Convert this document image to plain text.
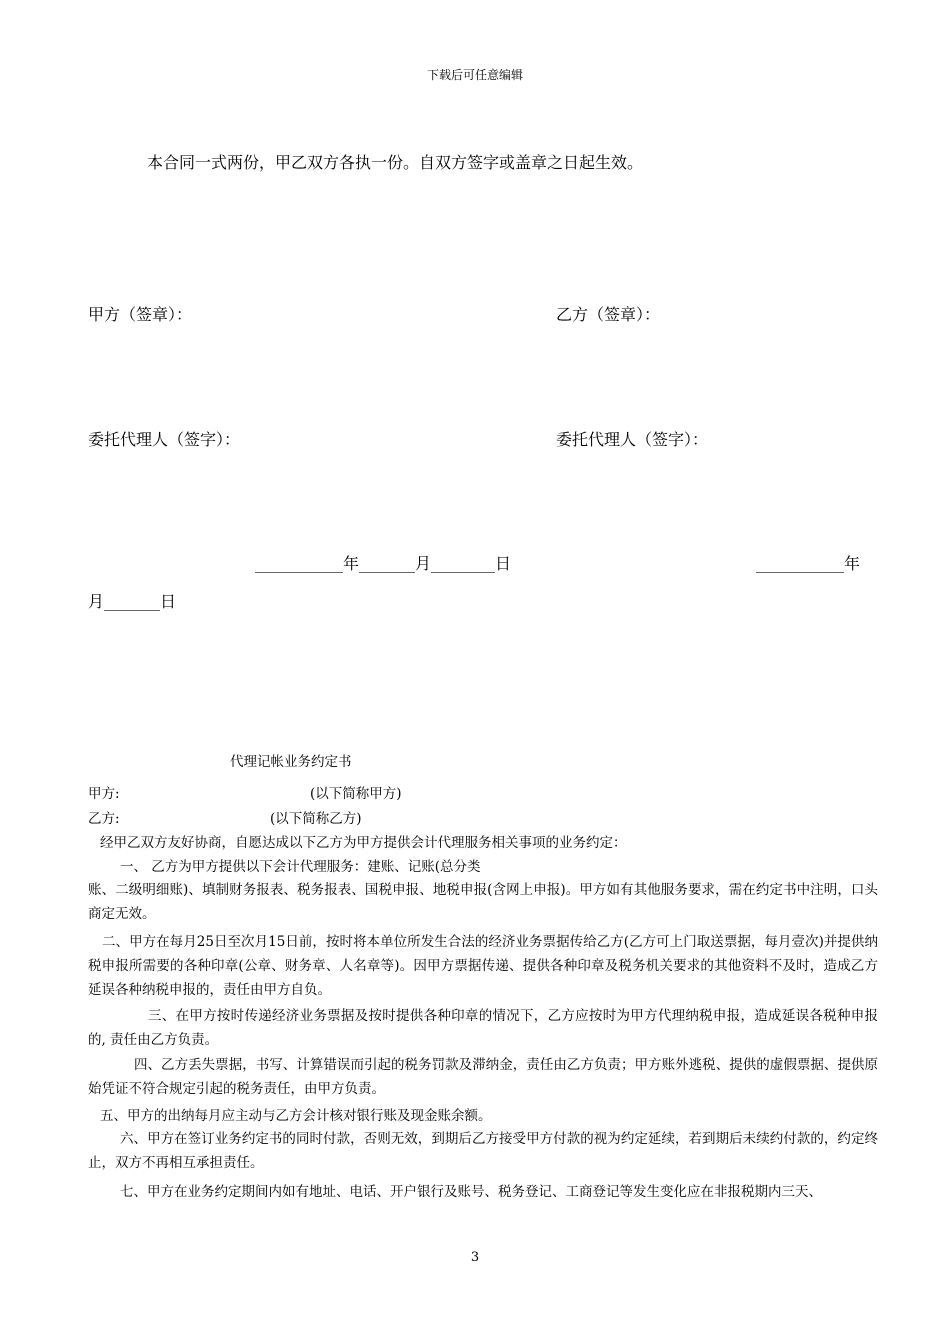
下载后可任意编辑
本合同一式两份，甲乙双方各执一份。自双方签字或盖章之日起生效。
甲方（签章）：	乙方（签章）：
委托代理人（签字）：	委托代理人（签字）：
___________年_______月________日	___________年
月_______日
代理记帐业务约定书
甲方:	(以下简称甲方)
乙方:	(以下简称乙方)
经甲乙双方友好协商，自愿达成以下乙方为甲方提供会计代理服务相关事项的业务约定：
一、 乙方为甲方提供以下会计代理服务：建账、记账(总分类
账、二级明细账)、填制财务报表、税务报表、国税申报、地税申报(含网上申报)。甲方如有其他服务要求，需在约定书中注明，口头商定无效。
二、甲方在每月25日至次月15日前，按时将本单位所发生合法的经济业务票据传给乙方(乙方可上门取送票据，每月壹次)并提供纳税申报所需要的各种印章(公章、财务章、人名章等)。因甲方票据传递、提供各种印章及税务机关要求的其他资料不及时，造成乙方延误各种纳税申报的，责任由甲方自负。
三、在甲方按时传递经济业务票据及按时提供各种印章的情况下，乙方应按时为甲方代理纳税申报，造成延误各税种申报的, 责任由乙方负责。
四、乙方丢失票据，书写、计算错误而引起的税务罚款及滞纳金，责任由乙方负责；甲方账外逃税、提供的虚假票据、提供原始凭证不符合规定引起的税务责任，由甲方负责。
五、甲方的出纳每月应主动与乙方会计核对银行账及现金账余额。
六、甲方在签订业务约定书的同时付款，否则无效，到期后乙方接受甲方付款的视为约定延续，若到期后未续约付款的，约定终止，双方不再相互承担责任。
七、甲方在业务约定期间内如有地址、电话、开户银行及账号、税务登记、工商登记等发生变化应在非报税期内三天、
3
